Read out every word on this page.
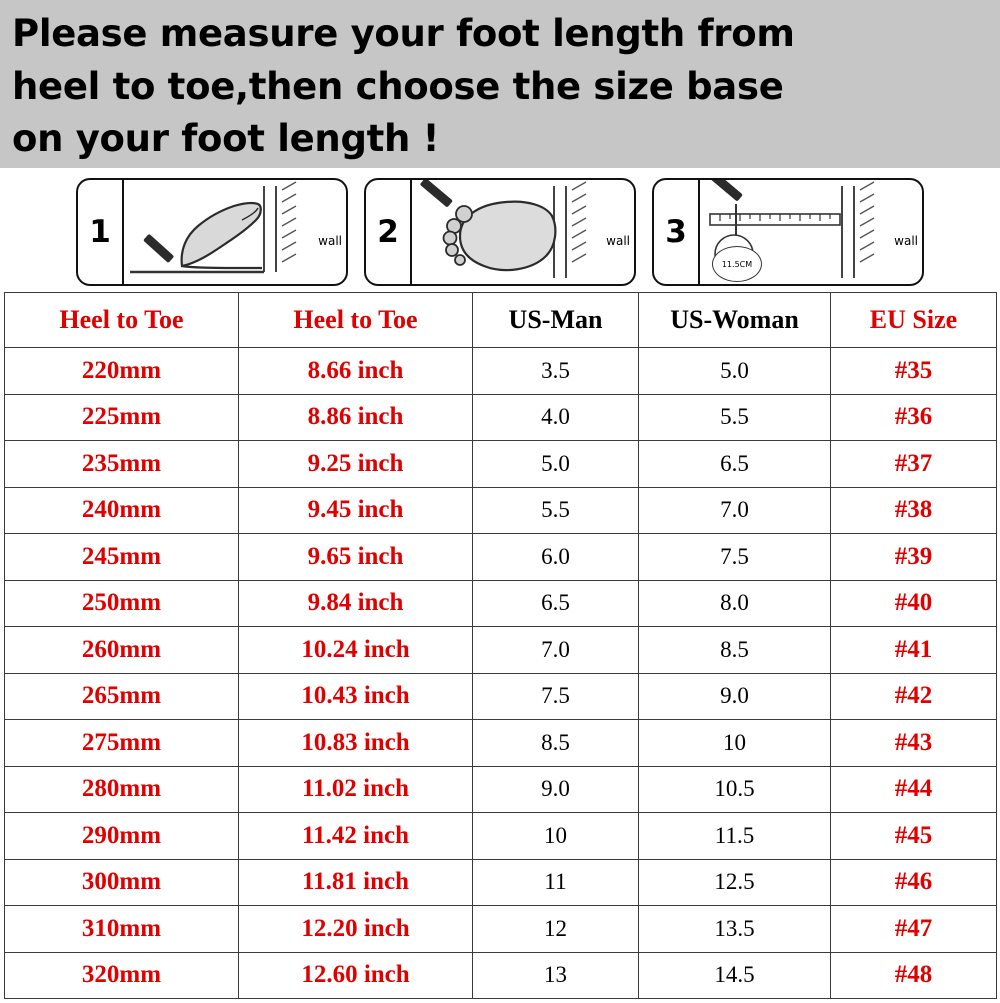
Please measure your foot length from
heel to toe,then choose the size base
on your foot length !
1	wall	2	wall	3
11.5CM
wall
Heel to Toe	Heel to Toe	US-Man	US-Woman	EU Size
220mm	8.66 inch	3.5	5.0	#35
225mm	8.86 inch	4.0	5.5	#36
235mm	9.25 inch	5.0	6.5	#37
240mm	9.45 inch	5.5	7.0	#38
245mm	9.65 inch	6.0	7.5	#39
250mm	9.84 inch	6.5	8.0	#40
260mm	10.24 inch	7.0	8.5	#41
265mm	10.43 inch	7.5	9.0	#42
275mm	10.83 inch	8.5	10	#43
280mm	11.02 inch	9.0	10.5	#44
290mm	11.42 inch	10	11.5	#45
300mm	11.81 inch	11	12.5	#46
310mm	12.20 inch	12	13.5	#47
320mm	12.60 inch	13	14.5	#48
